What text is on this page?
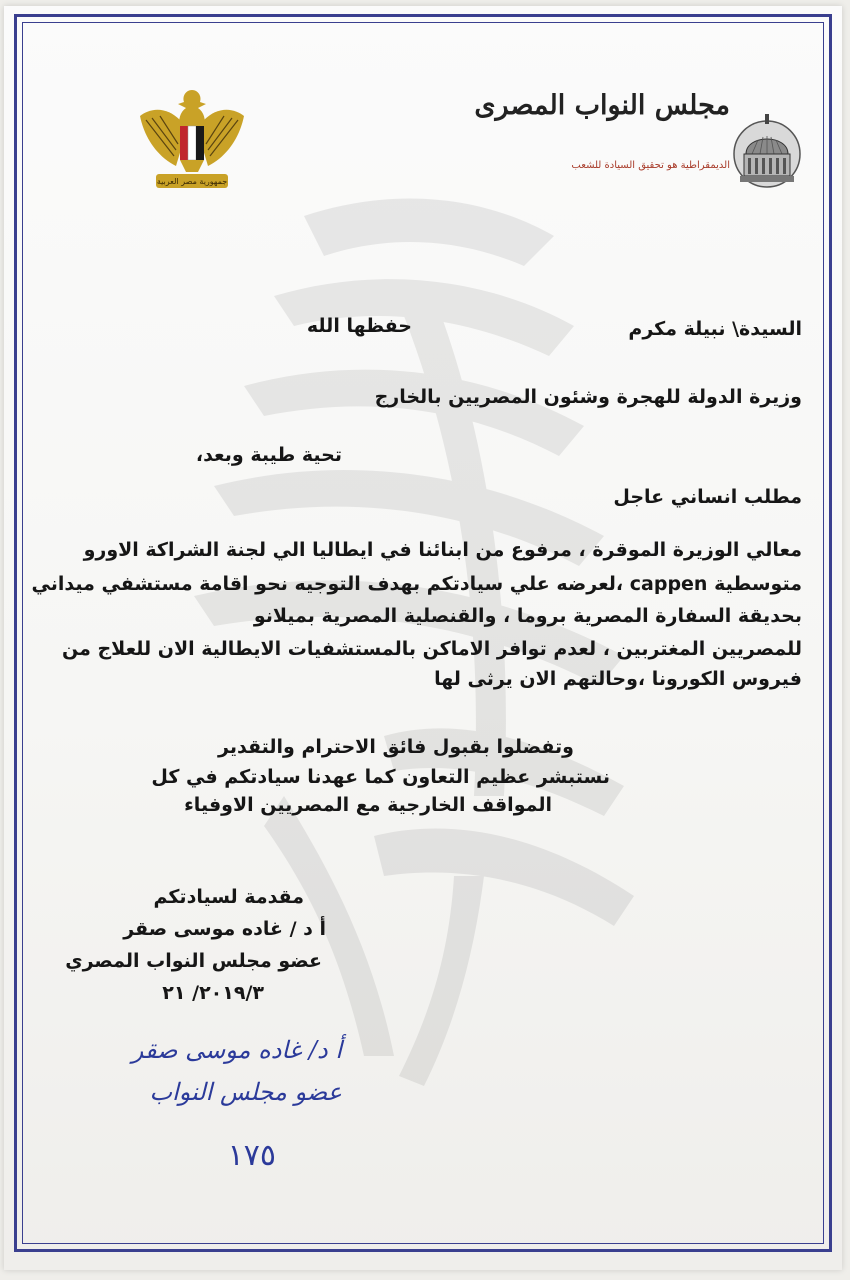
جمهورية مصر العربية
مجلس النواب المصرى
الديمقراطية هو تحقيق السيادة للشعب
السيدة\ نبيلة مكرم
حفظها الله
وزيرة الدولة للهجرة وشئون المصريين بالخارج
تحية طيبة وبعد،
مطلب انساني عاجل
معالي الوزيرة الموقرة ، مرفوع من ابنائنا في ايطاليا الي لجنة الشراكة الاورو
متوسطية cappen ،لعرضه علي سيادتكم بهدف التوجيه نحو اقامة مستشفي ميداني
بحديقة السفارة المصرية بروما ، والقنصلية المصرية بميلانو
للمصريين المغتربين ، لعدم توافر الاماكن بالمستشفيات الايطالية الان للعلاج من
فيروس الكورونا ،وحالتهم الان يرثى لها
وتفضلوا بقبول فائق الاحترام والتقدير
نستبشر عظيم التعاون كما عهدنا سيادتكم في كل
المواقف الخارجية مع المصريين الاوفياء
مقدمة لسيادتكم
أ د / غاده موسى صقر
عضو مجلس النواب المصري
٢٠١٩/٣/ ٢١
أ د/ غاده موسى صقر
عضو مجلس النواب
١٧٥
